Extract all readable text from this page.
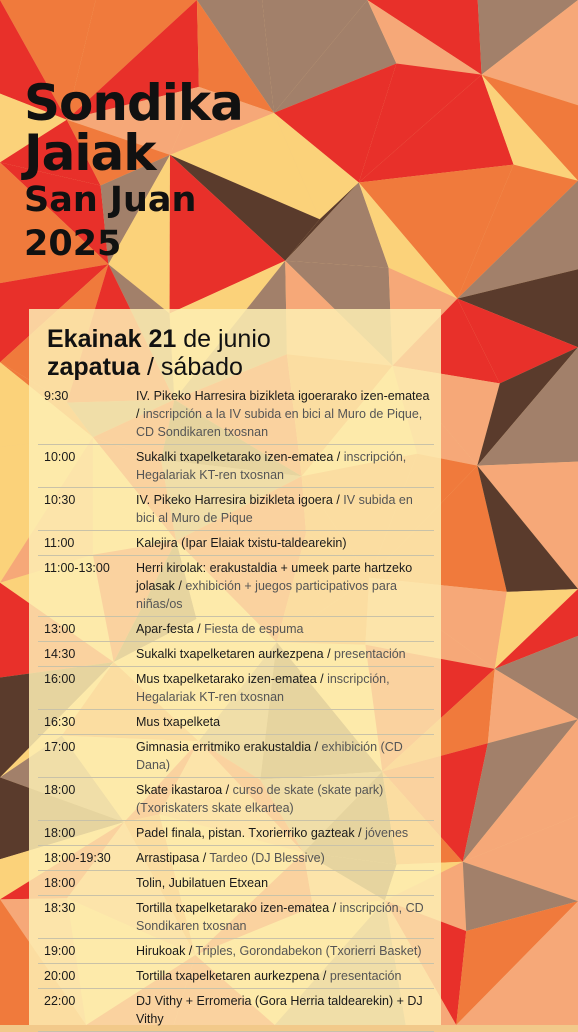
Sondika
Jaiak
San Juan
2025
Ekainak 21 de junio
zapatua / sábado
9:30	IV. Pikeko Harresira bizikleta igoerarako izen-ematea / inscripción a la IV subida en bici al Muro de Pique, CD Sondikaren txosnan
10:00	Sukalki txapelketarako izen-ematea / inscripción, Hegalariak KT-ren txosnan
10:30	IV. Pikeko Harresira bizikleta igoera / IV subida en bici al Muro de Pique
11:00	Kalejira (Ipar Elaiak txistu-taldearekin)
11:00-13:00	Herri kirolak: erakustaldia + umeek parte hartzeko jolasak / exhibición + juegos participativos para niñas/os
13:00	Apar-festa / Fiesta de espuma
14:30	Sukalki txapelketaren aurkezpena / presentación
16:00	Mus txapelketarako izen-ematea / inscripción, Hegalariak KT-ren txosnan
16:30	Mus txapelketa
17:00	Gimnasia erritmiko erakustaldia / exhibición (CD Dana)
18:00	Skate ikastaroa / curso de skate (skate park) (Txoriskaters skate elkartea)
18:00	Padel finala, pistan. Txorierriko gazteak / jóvenes
18:00-19:30	Arrastipasa / Tardeo (DJ Blessive)
18:00	Tolin, Jubilatuen Etxean
18:30	Tortilla txapelketarako izen-ematea / inscripción, CD Sondikaren txosnan
19:00	Hirukoak / Triples, Gorondabekon (Txorierri Basket)
20:00	Tortilla txapelketaren aurkezpena / presentación
22:00	DJ Vithy + Erromeria (Gora Herria taldearekin) + DJ Vithy
